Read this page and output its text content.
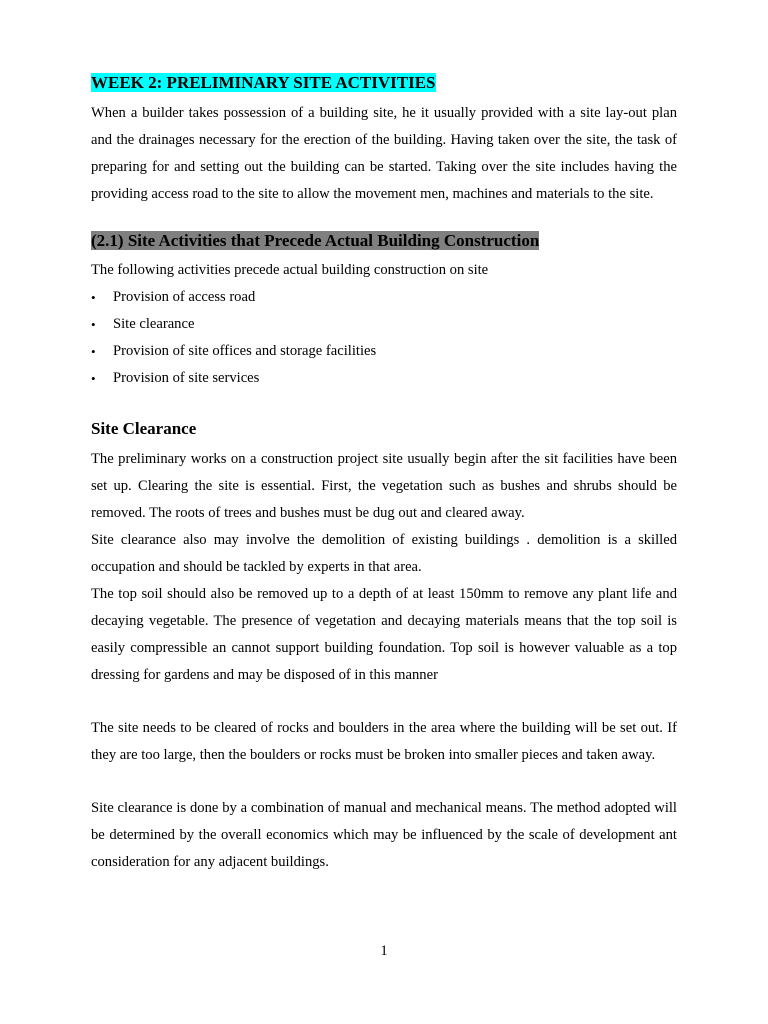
WEEK 2: PRELIMINARY SITE ACTIVITIES

When a builder takes possession of a building site, he it usually provided with a site lay-out plan and the drainages necessary for the erection of the building. Having taken over the site, the task of preparing for and setting out the building can be started. Taking over the site includes having the providing access road to the site to allow the movement men, machines and materials to the site.

(2.1) Site Activities that Precede Actual Building Construction

The following activities precede actual building construction on site

• Provision of access road
• Site clearance
• Provision of site offices and storage facilities
• Provision of site services
Site Clearance

The preliminary works on a construction project site usually begin after the sit facilities have been set up. Clearing the site is essential. First, the vegetation such as bushes and shrubs should be removed. The roots of trees and bushes must be dug out and cleared away.

Site clearance also may involve the demolition of existing buildings . demolition is a skilled occupation and should be tackled by experts in that area.

The top soil should also be removed up to a depth of at least 150mm to remove any plant life and decaying vegetable. The presence of vegetation and decaying materials means that the top soil is easily compressible an cannot support building foundation. Top soil is however valuable as a top dressing for gardens and may be disposed of in this manner

The site needs to be cleared of rocks and boulders in the area where the building will be set out. If they are too large, then the boulders or rocks must be broken into smaller pieces and taken away.

Site clearance is done by a combination of manual and mechanical means. The method adopted will be determined by the overall economics which may be influenced by the scale of development ant consideration for any adjacent buildings.

1
